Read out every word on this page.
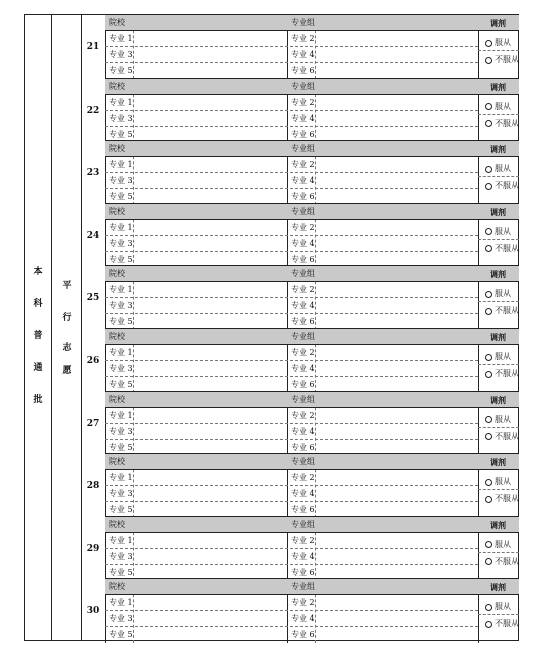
本
科
普
通
批
平
行
志
愿
21
院校	专业组	调剂
专业 1	专业 2
专业 3	专业 4
专业 5	专业 6
服从
不服从
22
院校	专业组	调剂
专业 1	专业 2
专业 3	专业 4
专业 5	专业 6
服从
不服从
23
院校	专业组	调剂
专业 1	专业 2
专业 3	专业 4
专业 5	专业 6
服从
不服从
24
院校	专业组	调剂
专业 1	专业 2
专业 3	专业 4
专业 5	专业 6
服从
不服从
25
院校	专业组	调剂
专业 1	专业 2
专业 3	专业 4
专业 5	专业 6
服从
不服从
26
院校	专业组	调剂
专业 1	专业 2
专业 3	专业 4
专业 5	专业 6
服从
不服从
27
院校	专业组	调剂
专业 1	专业 2
专业 3	专业 4
专业 5	专业 6
服从
不服从
28
院校	专业组	调剂
专业 1	专业 2
专业 3	专业 4
专业 5	专业 6
服从
不服从
29
院校	专业组	调剂
专业 1	专业 2
专业 3	专业 4
专业 5	专业 6
服从
不服从
30
院校	专业组	调剂
专业 1	专业 2
专业 3	专业 4
专业 5	专业 6
服从
不服从
